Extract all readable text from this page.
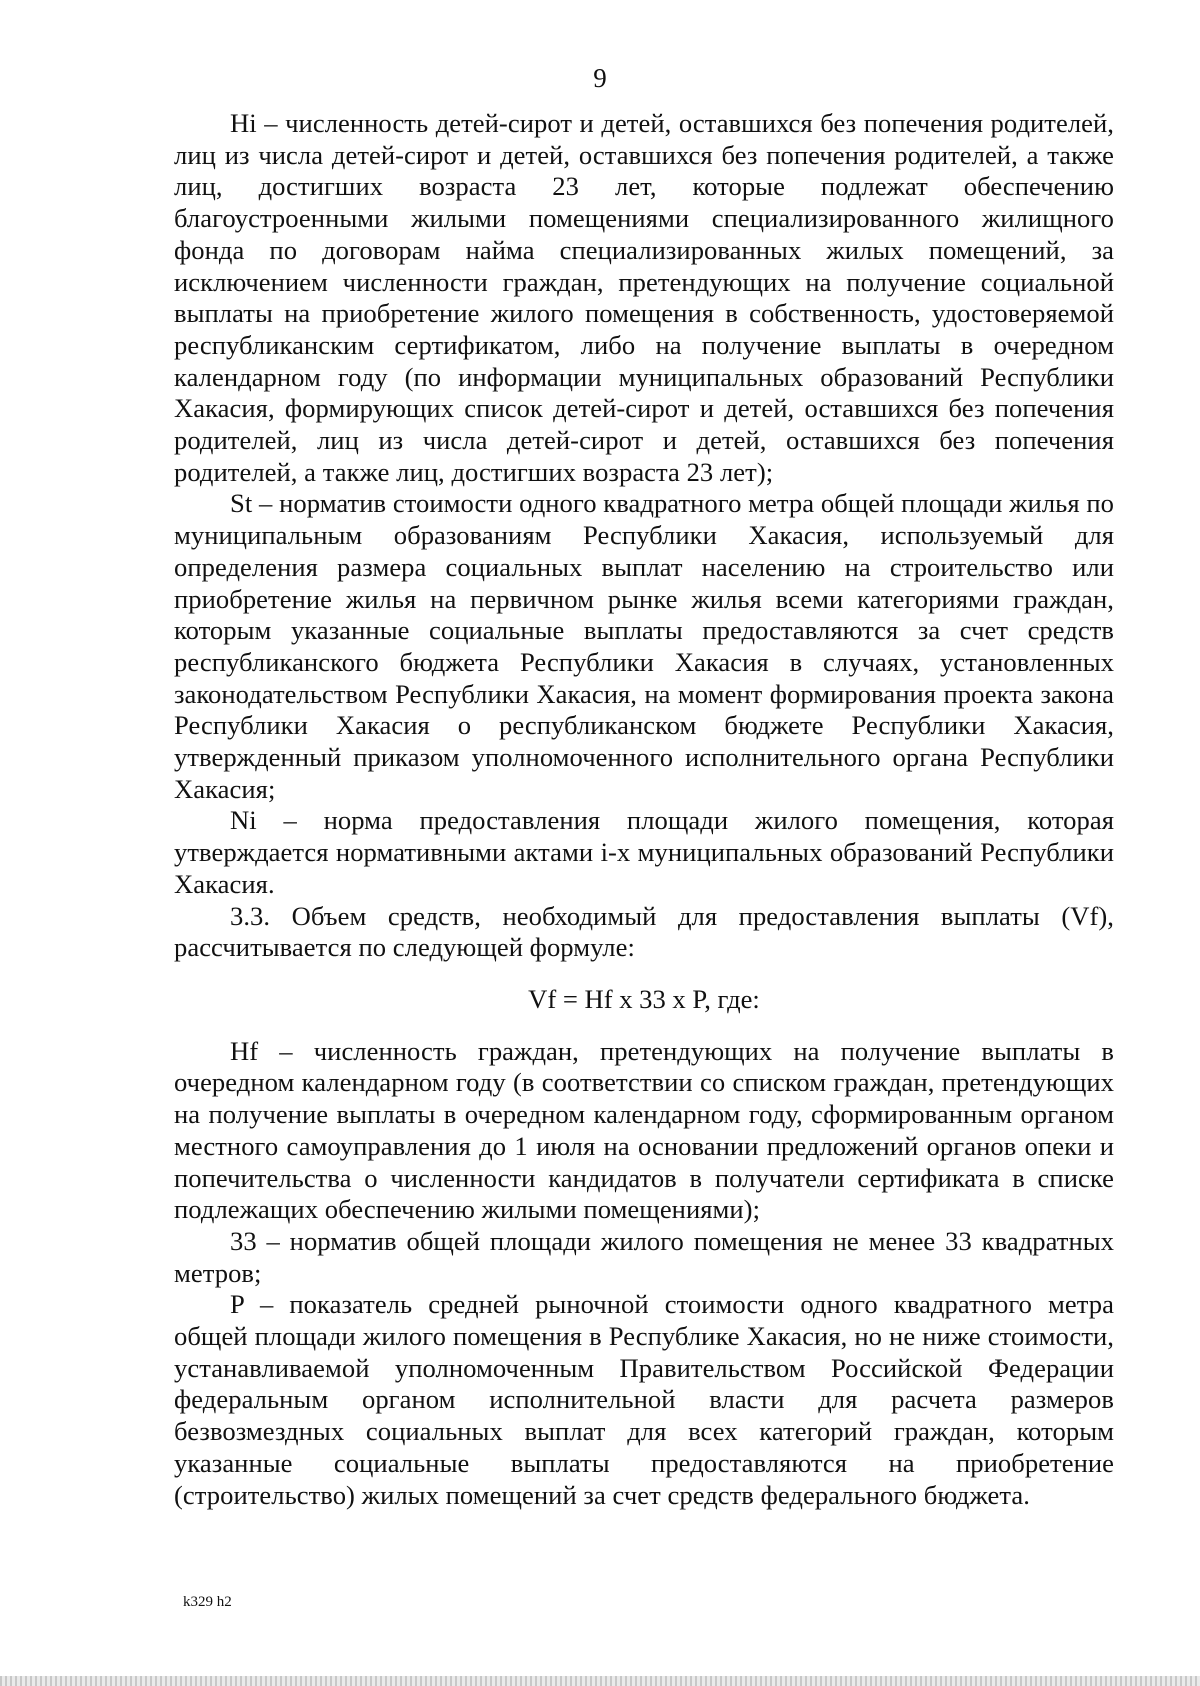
9

Hi – численность детей-сирот и детей, оставшихся без попечения родителей, лиц из числа детей-сирот и детей, оставшихся без попечения родителей, а также лиц, достигших возраста 23 лет, которые подлежат обеспечению благоустроенными жилыми помещениями специализированного жилищного фонда по договорам найма специализированных жилых помещений, за исключением численности граждан, претендующих на получение социальной выплаты на приобретение жилого помещения в собственность, удостоверяемой республиканским сертификатом, либо на получение выплаты в очередном календарном году (по информации муниципальных образований Республики Хакасия, формирующих список детей-сирот и детей, оставшихся без попечения родителей, лиц из числа детей-сирот и детей, оставшихся без попечения родителей, а также лиц, достигших возраста 23 лет);

St – норматив стоимости одного квадратного метра общей площади жилья по муниципальным образованиям Республики Хакасия, используемый для определения размера социальных выплат населению на строительство или приобретение жилья на первичном рынке жилья всеми категориями граждан, которым указанные социальные выплаты предоставляются за счет средств республиканского бюджета Республики Хакасия в случаях, установленных законодательством Республики Хакасия, на момент формирования проекта закона Республики Хакасия о республиканском бюджете Республики Хакасия, утвержденный приказом уполномоченного исполнительного органа Республики Хакасия;

Ni – норма предоставления площади жилого помещения, которая утверждается нормативными актами i-х муниципальных образований Республики Хакасия.

3.3. Объем средств, необходимый для предоставления выплаты (Vf), рассчитывается по следующей формуле:

Vf = Hf x 33 x P, где:

Hf – численность граждан, претендующих на получение выплаты в очередном календарном году (в соответствии со списком граждан, претендующих на получение выплаты в очередном календарном году, сформированным органом местного самоуправления до 1 июля на основании предложений органов опеки и попечительства о численности кандидатов в получатели сертификата в списке подлежащих обеспечению жилыми помещениями);

33 – норматив общей площади жилого помещения не менее 33 квадратных метров;

P – показатель средней рыночной стоимости одного квадратного метра общей площади жилого помещения в Республике Хакасия, но не ниже стоимости, устанавливаемой уполномоченным Правительством Российской Федерации федеральным органом исполнительной власти для расчета размеров безвозмездных социальных выплат для всех категорий граждан, которым указанные социальные выплаты предоставляются на приобретение (строительство) жилых помещений за счет средств федерального бюджета.

k329 h2
